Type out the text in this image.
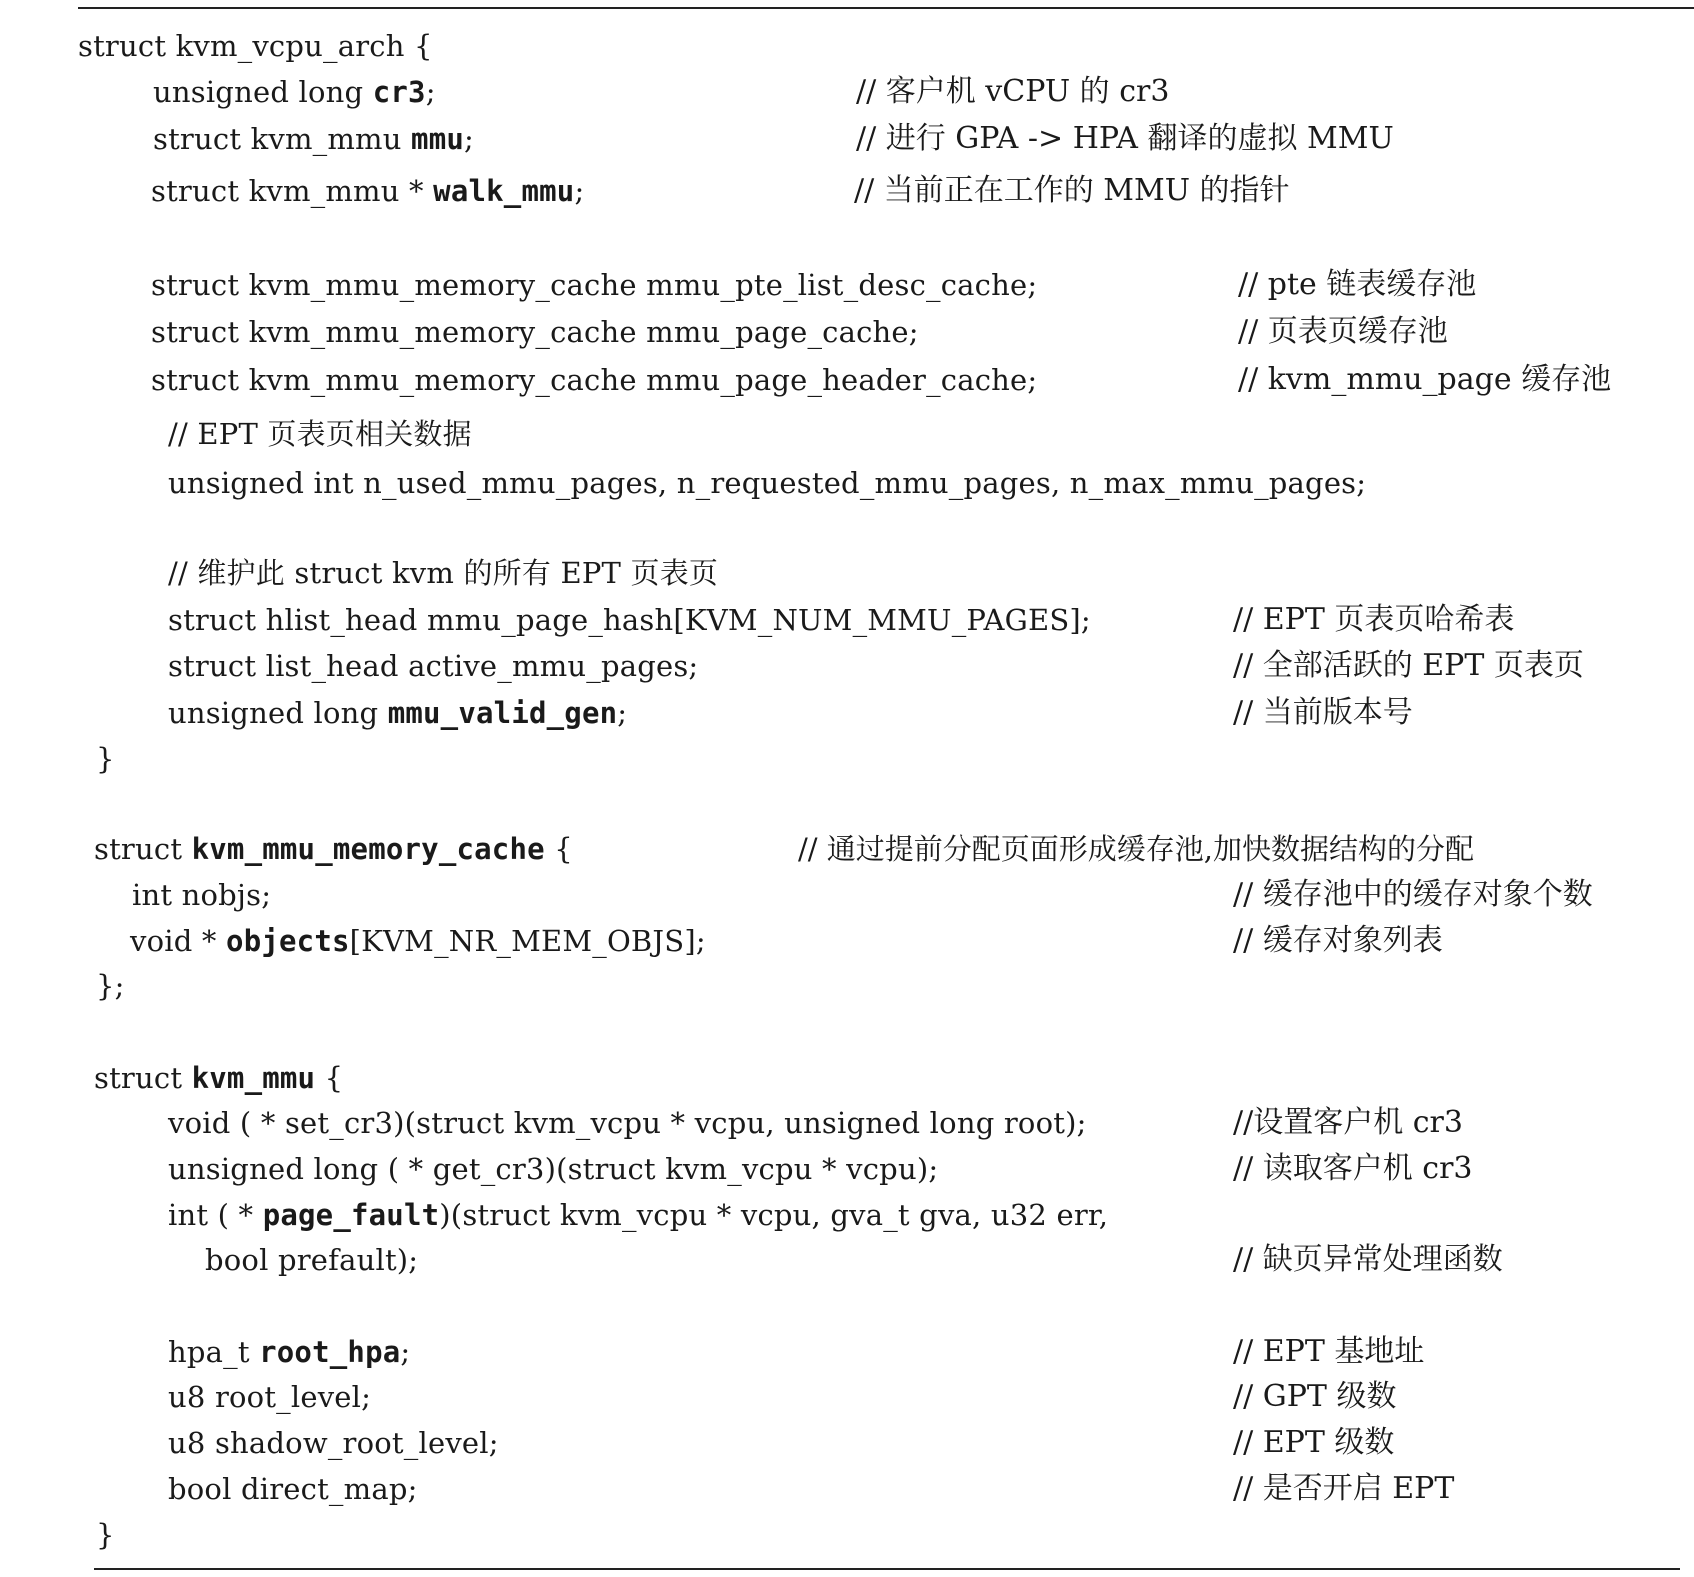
struct kvm_vcpu_arch {
unsigned long cr3;	// 客户机 vCPU 的 cr3
struct kvm_mmu mmu;	// 进行 GPA -> HPA 翻译的虚拟 MMU
struct kvm_mmu * walk_mmu;	// 当前正在工作的 MMU 的指针
struct kvm_mmu_memory_cache mmu_pte_list_desc_cache;	// pte 链表缓存池
struct kvm_mmu_memory_cache mmu_page_cache;	// 页表页缓存池
struct kvm_mmu_memory_cache mmu_page_header_cache;	// kvm_mmu_page 缓存池
// EPT 页表页相关数据
unsigned int n_used_mmu_pages, n_requested_mmu_pages, n_max_mmu_pages;
// 维护此 struct kvm 的所有 EPT 页表页
struct hlist_head mmu_page_hash[KVM_NUM_MMU_PAGES];	// EPT 页表页哈希表
struct list_head active_mmu_pages;	// 全部活跃的 EPT 页表页
unsigned long mmu_valid_gen;	// 当前版本号
}
struct kvm_mmu_memory_cache {	// 通过提前分配页面形成缓存池,加快数据结构的分配
int nobjs;	// 缓存池中的缓存对象个数
void * objects[KVM_NR_MEM_OBJS];	// 缓存对象列表
};
struct kvm_mmu {
void ( * set_cr3)(struct kvm_vcpu * vcpu, unsigned long root);	//设置客户机 cr3
unsigned long ( * get_cr3)(struct kvm_vcpu * vcpu);	// 读取客户机 cr3
int ( * page_fault)(struct kvm_vcpu * vcpu, gva_t gva, u32 err,
bool prefault);	// 缺页异常处理函数
hpa_t root_hpa;	// EPT 基地址
u8 root_level;	// GPT 级数
u8 shadow_root_level;	// EPT 级数
bool direct_map;	// 是否开启 EPT
}
